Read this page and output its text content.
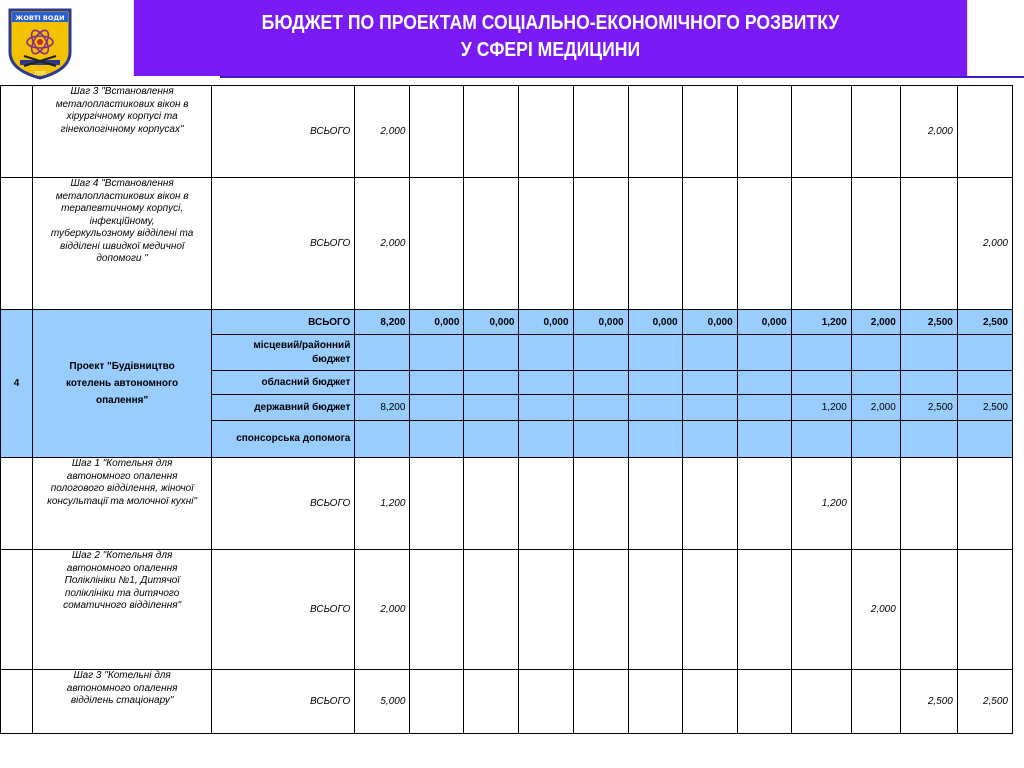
ЖОВТІ ВОДИ
1895
БЮДЖЕТ ПО ПРОЕКТАМ СОЦІАЛЬНО-ЕКОНОМІЧНОГО РОЗВИТКУ
У СФЕРІ МЕДИЦИНИ
	Шаг 3 "Встановлення металопластикових вікон в хірургічному корпусі та гінекологічному корпусах"	ВСЬОГО	2,000										2,000	
	Шаг 4 "Встановлення металопластикових вікон в терапевтичному корпусі, інфекційному, туберкульозному відділені та відділені швидкої медичної допомоги "	ВСЬОГО	2,000											2,000
4	Проект "Будівництво котелень автономного опалення"	ВСЬОГО	8,200	0,000	0,000	0,000	0,000	0,000	0,000	0,000	1,200	2,000	2,500	2,500
		місцевий/районний бюджет												
		обласний бюджет												
		державний бюджет	8,200								1,200	2,000	2,500	2,500
		спонсорська допомога												
	Шаг 1 "Котельня для автономного опалення пологового відділення, жіночої консультації та молочної кухні"	ВСЬОГО	1,200								1,200			
	Шаг 2 "Котельня для автономного опалення Поліклініки №1, Дитячої поліклініки та дитячого соматичного відділення"	ВСЬОГО	2,000									2,000		
	Шаг 3 "Котельні для автономного опалення відділень стаціонару"	ВСЬОГО	5,000										2,500	2,500
